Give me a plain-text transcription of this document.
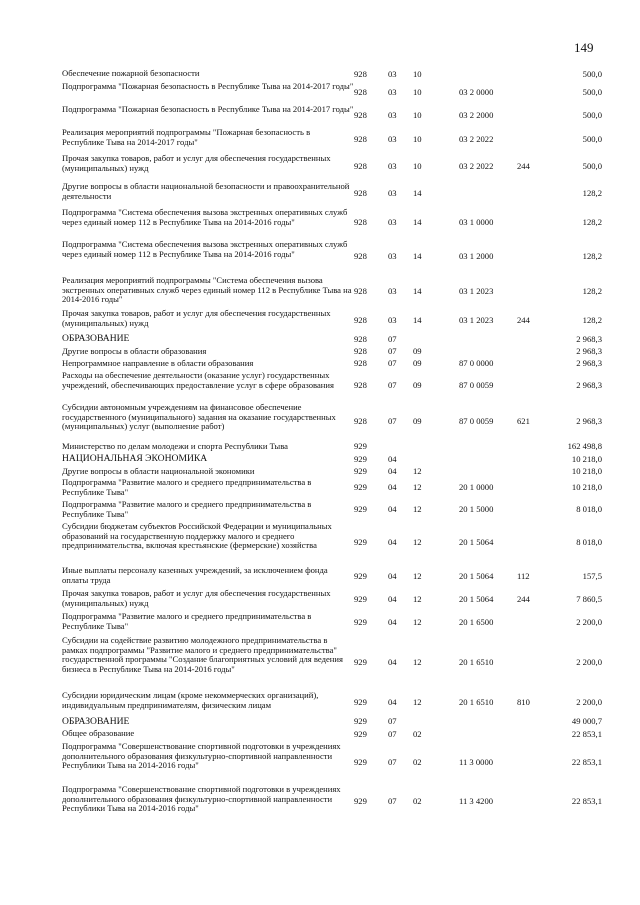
149
Обеспечение пожарной безопасности	928	03	10			500,0
Подпрограмма "Пожарная безопасность в Республике Тыва на 2014-2017 годы"	928	03	10	03 2 0000		500,0
Подпрограмма "Пожарная безопасность в Республике Тыва на 2014-2017 годы"	928	03	10	03 2 2000		500,0
Реализация мероприятий подпрограммы "Пожарная безопасность в Республике Тыва на 2014-2017 годы"	928	03	10	03 2 2022		500,0
Прочая закупка товаров, работ и услуг для обеспечения государственных (муниципальных) нужд	928	03	10	03 2 2022	244	500,0
Другие вопросы в области национальной безопасности и правоохранительной деятельности	928	03	14			128,2
Подпрограмма "Система обеспечения вызова экстренных оперативных служб через единый номер 112 в Республике Тыва на 2014-2016 годы"	928	03	14	03 1 0000		128,2
Подпрограмма "Система обеспечения вызова экстренных оперативных служб через единый номер 112 в Республике Тыва на 2014-2016 годы"	928	03	14	03 1 2000		128,2
Реализация мероприятий подпрограммы "Система обеспечения вызова экстренных оперативных служб через единый номер 112 в Республике Тыва на 2014-2016 годы"	928	03	14	03 1 2023		128,2
Прочая закупка товаров, работ и услуг для обеспечения государственных (муниципальных) нужд	928	03	14	03 1 2023	244	128,2
ОБРАЗОВАНИЕ	928	07				2 968,3
Другие вопросы в области образования	928	07	09			2 968,3
Непрограммное направление в области образования	928	07	09	87 0 0000		2 968,3
Расходы на обеспечение деятельности (оказание услуг) государственных учреждений, обеспечивающих предоставление услуг в сфере образования	928	07	09	87 0 0059		2 968,3
Субсидии автономным учреждениям на финансовое обеспечение государственного (муниципального) задания на оказание государственных (муниципальных) услуг (выполнение работ)	928	07	09	87 0 0059	621	2 968,3
Министерство по делам молодежи и спорта Республики Тыва	929					162 498,8
НАЦИОНАЛЬНАЯ ЭКОНОМИКА	929	04				10 218,0
Другие вопросы в области национальной экономики	929	04	12			10 218,0
Подпрограмма "Развитие малого и среднего предпринимательства в Республике Тыва"	929	04	12	20 1 0000		10 218,0
Подпрограмма "Развитие малого и среднего предпринимательства в Республике Тыва"	929	04	12	20 1 5000		8 018,0
Субсидии бюджетам субъектов Российской Федерации и муниципальных образований на государственную поддержку малого и среднего предпринимательства, включая крестьянские (фермерские) хозяйства	929	04	12	20 1 5064		8 018,0
Иные выплаты персоналу казенных учреждений, за исключением фонда оплаты труда	929	04	12	20 1 5064	112	157,5
Прочая закупка товаров, работ и услуг для обеспечения государственных (муниципальных) нужд	929	04	12	20 1 5064	244	7 860,5
Подпрограмма "Развитие малого и среднего предпринимательства в Республике Тыва"	929	04	12	20 1 6500		2 200,0
Субсидии на содействие развитию молодежного предпринимательства в рамках подпрограммы "Развитие малого и среднего предпринимательства" государственной программы "Создание благоприятных условий для ведения бизнеса в Республике Тыва на 2014-2016 годы"	929	04	12	20 1 6510		2 200,0
Субсидии юридическим лицам (кроме некоммерческих организаций), индивидуальным предпринимателям, физическим лицам	929	04	12	20 1 6510	810	2 200,0
ОБРАЗОВАНИЕ	929	07				49 000,7
Общее образование	929	07	02			22 853,1
Подпрограмма "Совершенствование спортивной подготовки в учреждениях дополнительного образования физкультурно-спортивной направленности Республики Тыва на 2014-2016 годы"	929	07	02	11 3 0000		22 853,1
Подпрограмма "Совершенствование спортивной подготовки в учреждениях дополнительного образования физкультурно-спортивной направленности Республики Тыва на 2014-2016 годы"	929	07	02	11 3 4200		22 853,1
